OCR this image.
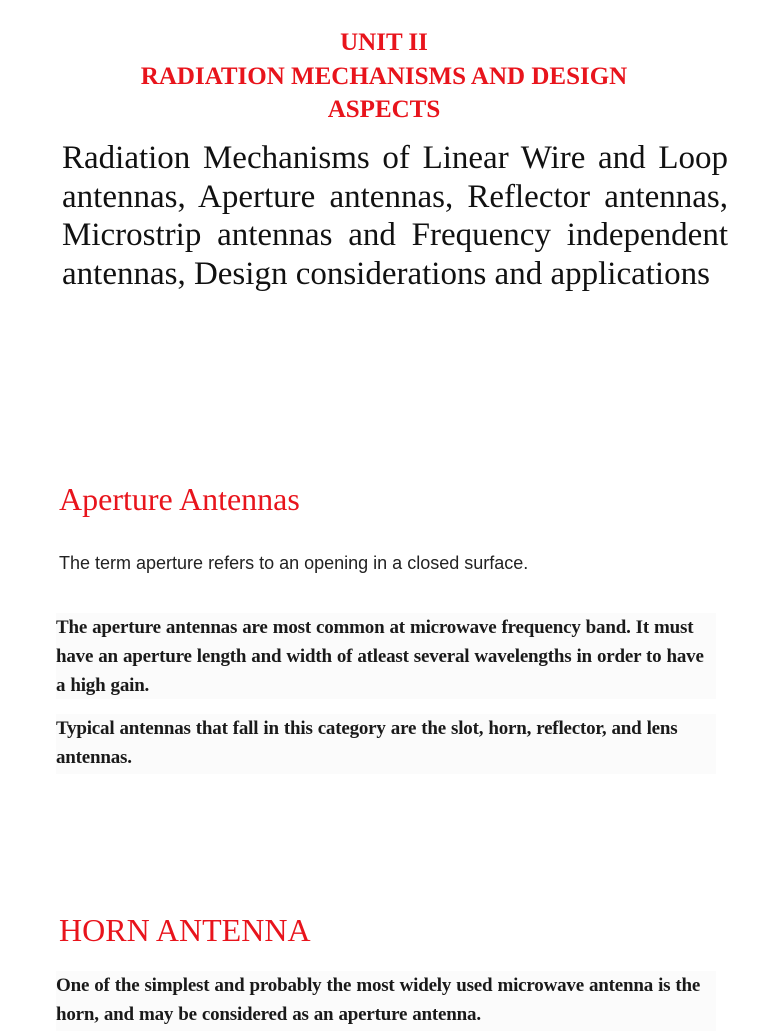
UNIT II
RADIATION MECHANISMS AND DESIGN
ASPECTS
Radiation Mechanisms of Linear Wire and Loop antennas, Aperture antennas, Reflector antennas, Microstrip antennas and Frequency independent antennas, Design considerations and applications
Aperture Antennas
The term aperture refers to an opening in a closed surface.

The aperture antennas are most common at microwave frequency band. It must have an aperture length and width of atleast several wavelengths in order to have a high gain.

Typical antennas that fall in this category are the slot, horn, reflector, and lens antennas.

HORN ANTENNA

One of the simplest and probably the most widely used microwave antenna is the horn, and may be considered as an aperture antenna.
